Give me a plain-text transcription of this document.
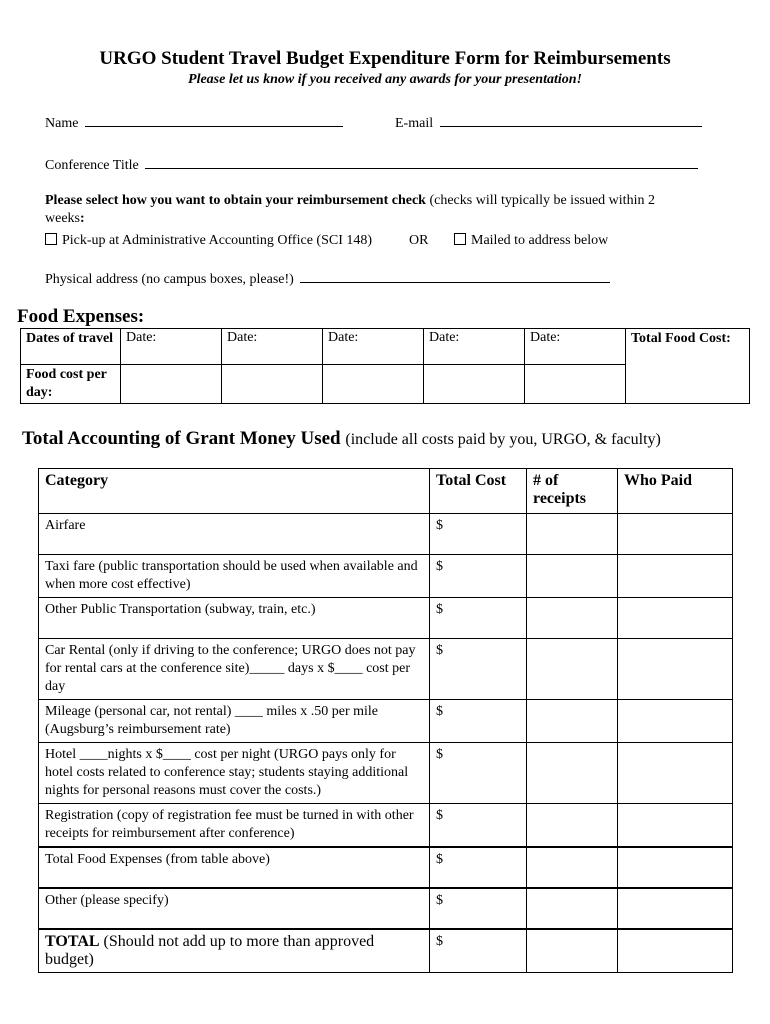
URGO Student Travel Budget Expenditure Form for Reimbursements
Please let us know if you received any awards for your presentation!
Name	E-mail
Conference Title
Please select how you want to obtain your reimbursement check (checks will typically be issued within 2
weeks:
Pick-up at Administrative Accounting Office (SCI 148)	OR	Mailed to address below
Physical address (no campus boxes, please!)
Food Expenses:
Dates of travel	Date:	Date:	Date:	Date:	Date:	Total Food Cost:
Food cost per day:						
Total Accounting of Grant Money Used (include all costs paid by you, URGO, & faculty)
Category	Total Cost	# of receipts	Who Paid
Airfare	$		
Taxi fare (public transportation should be used when available and when more cost effective)	$		
Other Public Transportation (subway, train, etc.)	$		
Car Rental (only if driving to the conference; URGO does not pay for rental cars at the conference site)_____ days x $____ cost per day	$		
Mileage (personal car, not rental) ____ miles x .50 per mile (Augsburg’s reimbursement rate)	$		
Hotel ____nights x $____ cost per night (URGO pays only for hotel costs related to conference stay; students staying additional nights for personal reasons must cover the costs.)	$		
Registration (copy of registration fee must be turned in with other receipts for reimbursement after conference)	$		
Total Food Expenses (from table above)	$		
Other (please specify)	$		
TOTAL (Should not add up to more than approved budget)	$		
